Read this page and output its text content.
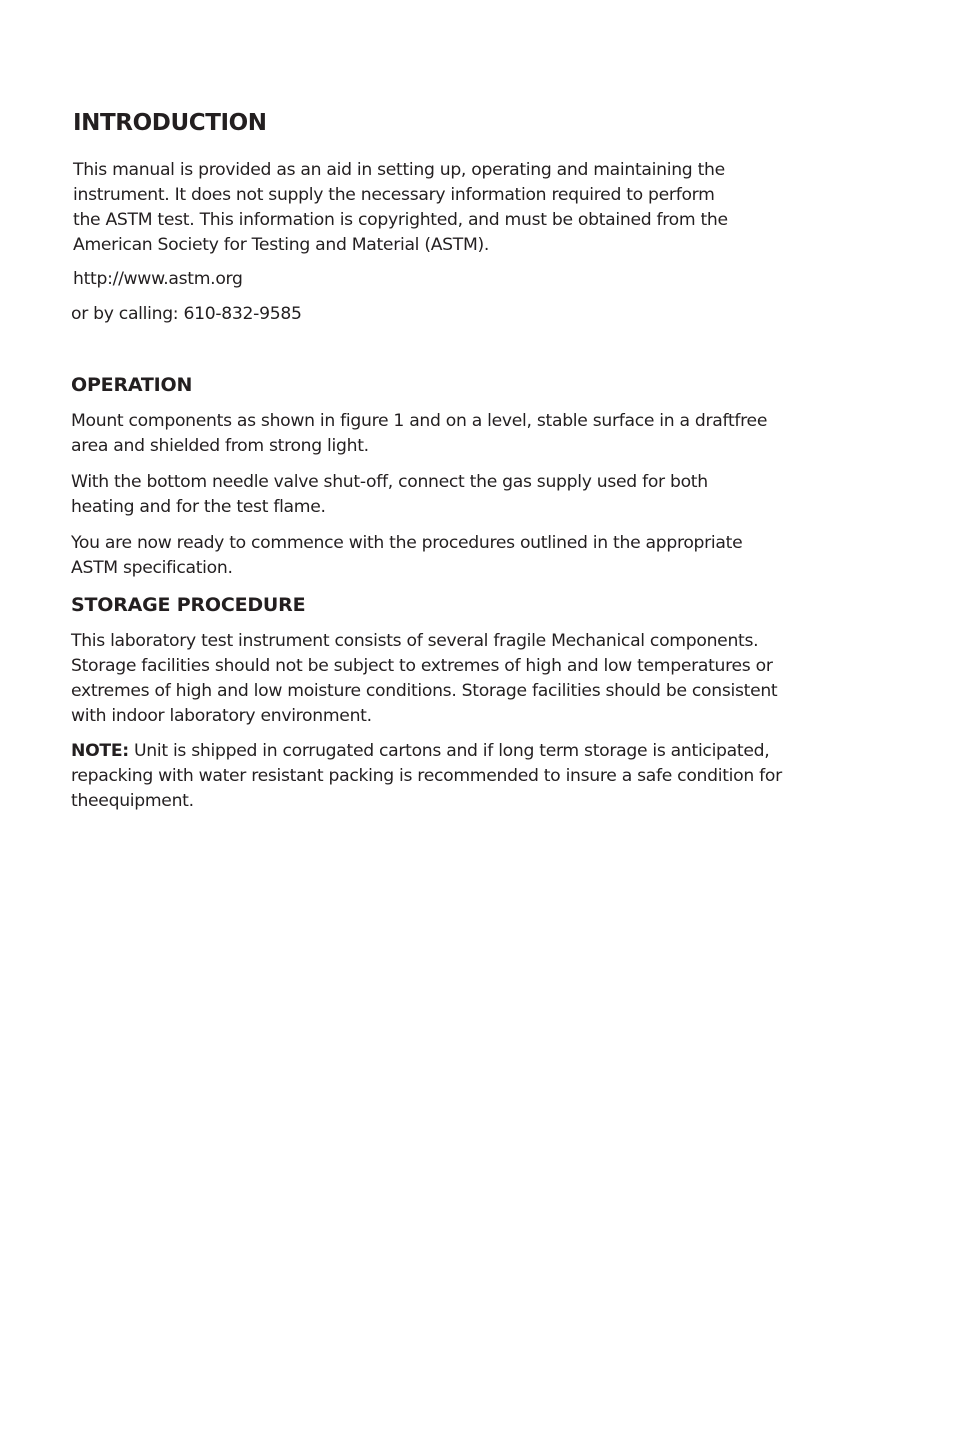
INTRODUCTION

This manual is provided as an aid in setting up, operating and maintaining the
instrument. It does not supply the necessary information required to perform
the ASTM test. This information is copyrighted, and must be obtained from the
American Society for Testing and Material (ASTM).

http://www.astm.org

or by calling: 610-832-9585

OPERATION

Mount components as shown in figure 1 and on a level, stable surface in a draftfree
area and shielded from strong light.

With the bottom needle valve shut-off, connect the gas supply used for both
heating and for the test flame.

You are now ready to commence with the procedures outlined in the appropriate
ASTM specification.

STORAGE PROCEDURE

This laboratory test instrument consists of several fragile Mechanical components.
Storage facilities should not be subject to extremes of high and low temperatures or
extremes of high and low moisture conditions. Storage facilities should be consistent
with indoor laboratory environment.

NOTE: Unit is shipped in corrugated cartons and if long term storage is anticipated,
repacking with water resistant packing is recommended to insure a safe condition for
theequipment.
